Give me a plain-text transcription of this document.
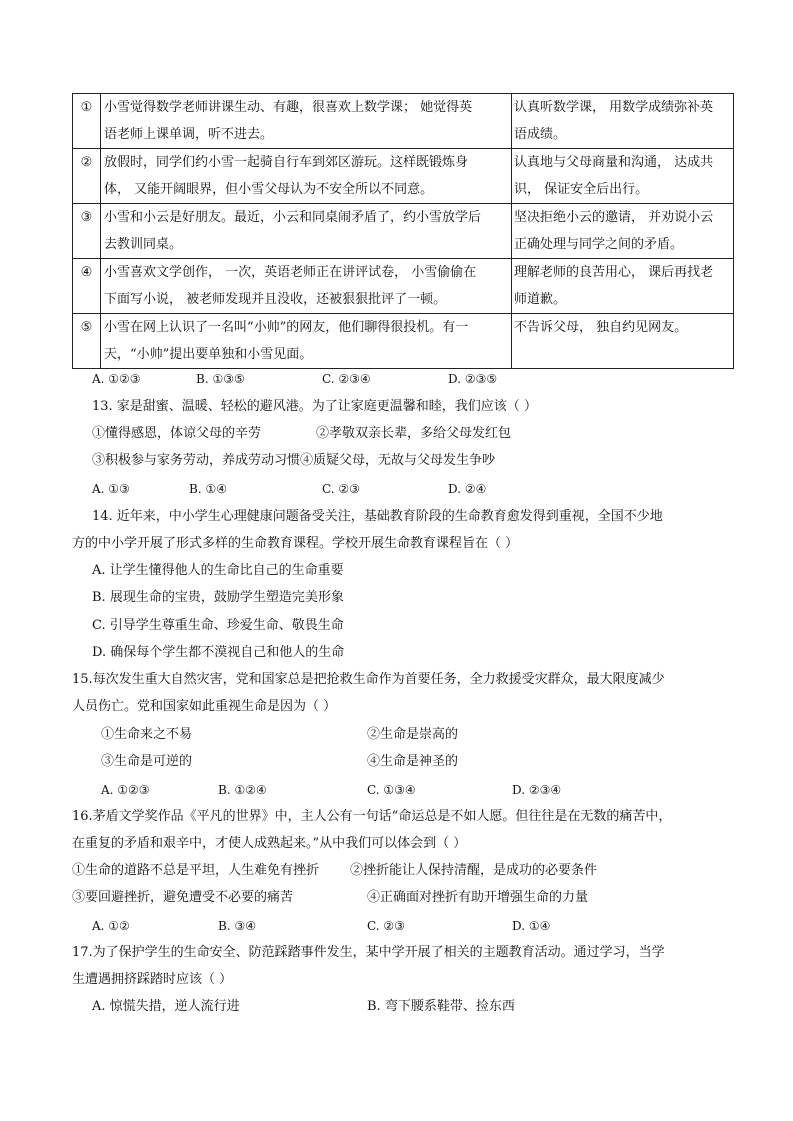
①	小雪觉得数学老师讲课生动、有趣，很喜欢上数学课； 她觉得英
语老师上课单调，听不进去。	认真听数学课， 用数学成绩弥补英
语成绩。

②	放假时，同学们约小雪一起骑自行车到郊区游玩。这样既锻炼身
体， 又能开阔眼界，但小雪父母认为不安全所以不同意。	认真地与父母商量和沟通， 达成共
识， 保证安全后出行。

③	小雪和小云是好朋友。最近，小云和同桌闹矛盾了，约小雪放学后
去教训同桌。	坚决拒绝小云的邀请， 并劝说小云
正确处理与同学之间的矛盾。

④	小雪喜欢文学创作， 一次，英语老师正在讲评试卷， 小雪偷偷在
下面写小说， 被老师发现并且没收，还被狠狠批评了一顿。	理解老师的良苦用心， 课后再找老
师道歉。

⑤	小雪在网上认识了一名叫“小帅”的网友，他们聊得很投机。有一
天，“小帅”提出要单独和小雪见面。	不告诉父母， 独自约见网友。
A. ①②③	B. ①③⑤	C. ②③④	D. ②③⑤
13. 家是甜蜜、温暖、轻松的避风港。为了让家庭更温馨和睦，我们应该（ ）
①懂得感恩，体谅父母的辛劳	②孝敬双亲长辈，多给父母发红包
③积极参与家务劳动，养成劳动习惯④质疑父母，无故与父母发生争吵
A. ①③	B. ①④	C. ②③	D. ②④
14. 近年来，中小学生心理健康问题备受关注，基础教育阶段的生命教育愈发得到重视，全国不少地
方的中小学开展了形式多样的生命教育课程。学校开展生命教育课程旨在（ ）
A. 让学生懂得他人的生命比自己的生命重要
B. 展现生命的宝贵，鼓励学生塑造完美形象
C. 引导学生尊重生命、珍爱生命、敬畏生命
D. 确保每个学生都不漠视自己和他人的生命
15.每次发生重大自然灾害，党和国家总是把抢救生命作为首要任务，全力救援受灾群众，最大限度减少
人员伤亡。党和国家如此重视生命是因为（ ）
①生命来之不易	②生命是崇高的
③生命是可逆的	④生命是神圣的
A. ①②③	B. ①②④	C. ①③④	D. ②③④
16.茅盾文学奖作品《平凡的世界》中，主人公有一句话“命运总是不如人愿。但往往是在无数的痛苦中，
在重复的矛盾和艰辛中，才使人成熟起来。”从中我们可以体会到（ ）
①生命的道路不总是平坦，人生难免有挫折 ②挫折能让人保持清醒，是成功的必要条件
③要回避挫折，避免遭受不必要的痛苦	④正确面对挫折有助开增强生命的力量
A. ①②	B. ③④	C. ②③	D. ①④
17.为了保护学生的生命安全、防范踩踏事件发生，某中学开展了相关的主题教育活动。通过学习，当学
生遭遇拥挤踩踏时应该（ ）
A. 惊慌失措，逆人流行进	B. 弯下腰系鞋带、捡东西
